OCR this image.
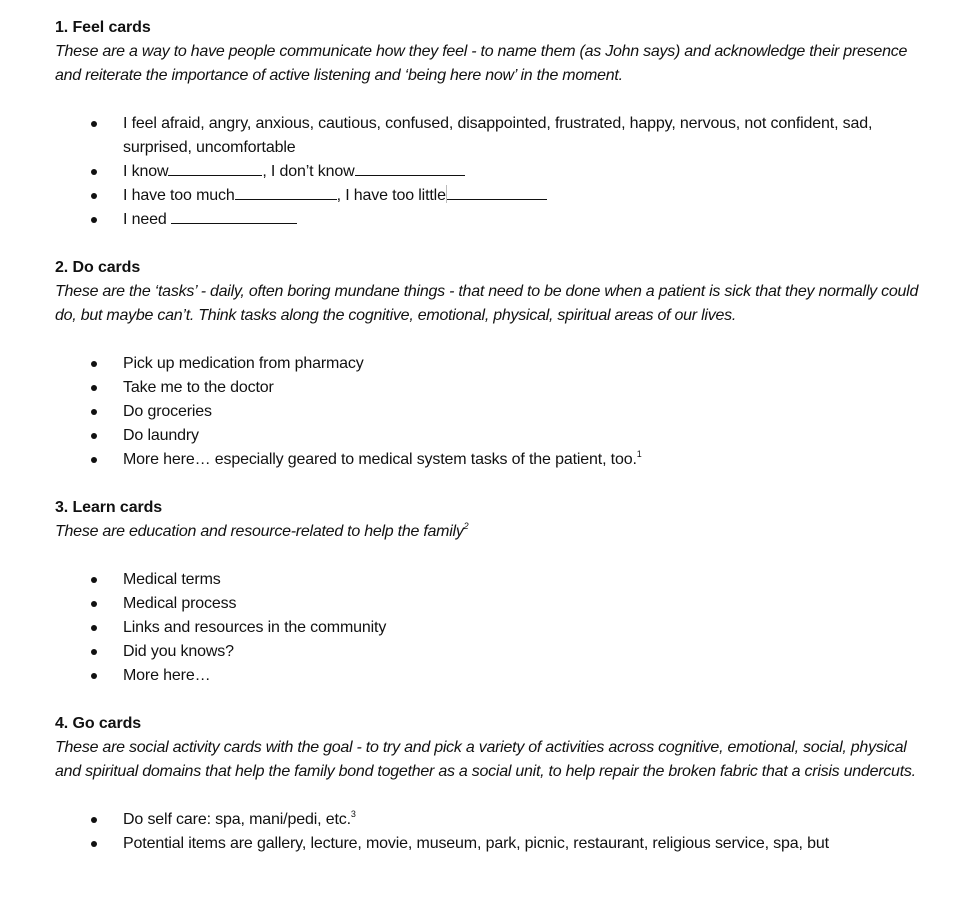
1. Feel cards

These are a way to have people communicate how they feel - to name them (as John says) and acknowledge their presence and reiterate the importance of active listening and ‘being here now’ in the moment.

I feel afraid, angry, anxious, cautious, confused, disappointed, frustrated, happy, nervous, not confident, sad, surprised, uncomfortable
I know	, I don’t know
I have too much	, I have too little
I need

2. Do cards

These are the ‘tasks’ - daily, often boring mundane things - that need to be done when a patient is sick that they normally could do, but maybe can’t. Think tasks along the cognitive, emotional, physical, spiritual areas of our lives.

Pick up medication from pharmacy
Take me to the doctor
Do groceries
Do laundry
More here… especially geared to medical system tasks of the patient, too.$^1$

3. Learn cards

These are education and resource-related to help the family$^2$

Medical terms
Medical process
Links and resources in the community
Did you knows?
More here…

4. Go cards

These are social activity cards with the goal - to try and pick a variety of activities across cognitive, emotional, social, physical and spiritual domains that help the family bond together as a social unit, to help repair the broken fabric that a crisis undercuts.

Do self care: spa, mani/pedi, etc.$^3$
Potential items are gallery, lecture, movie, museum, park, picnic, restaurant, religious service, spa, but
